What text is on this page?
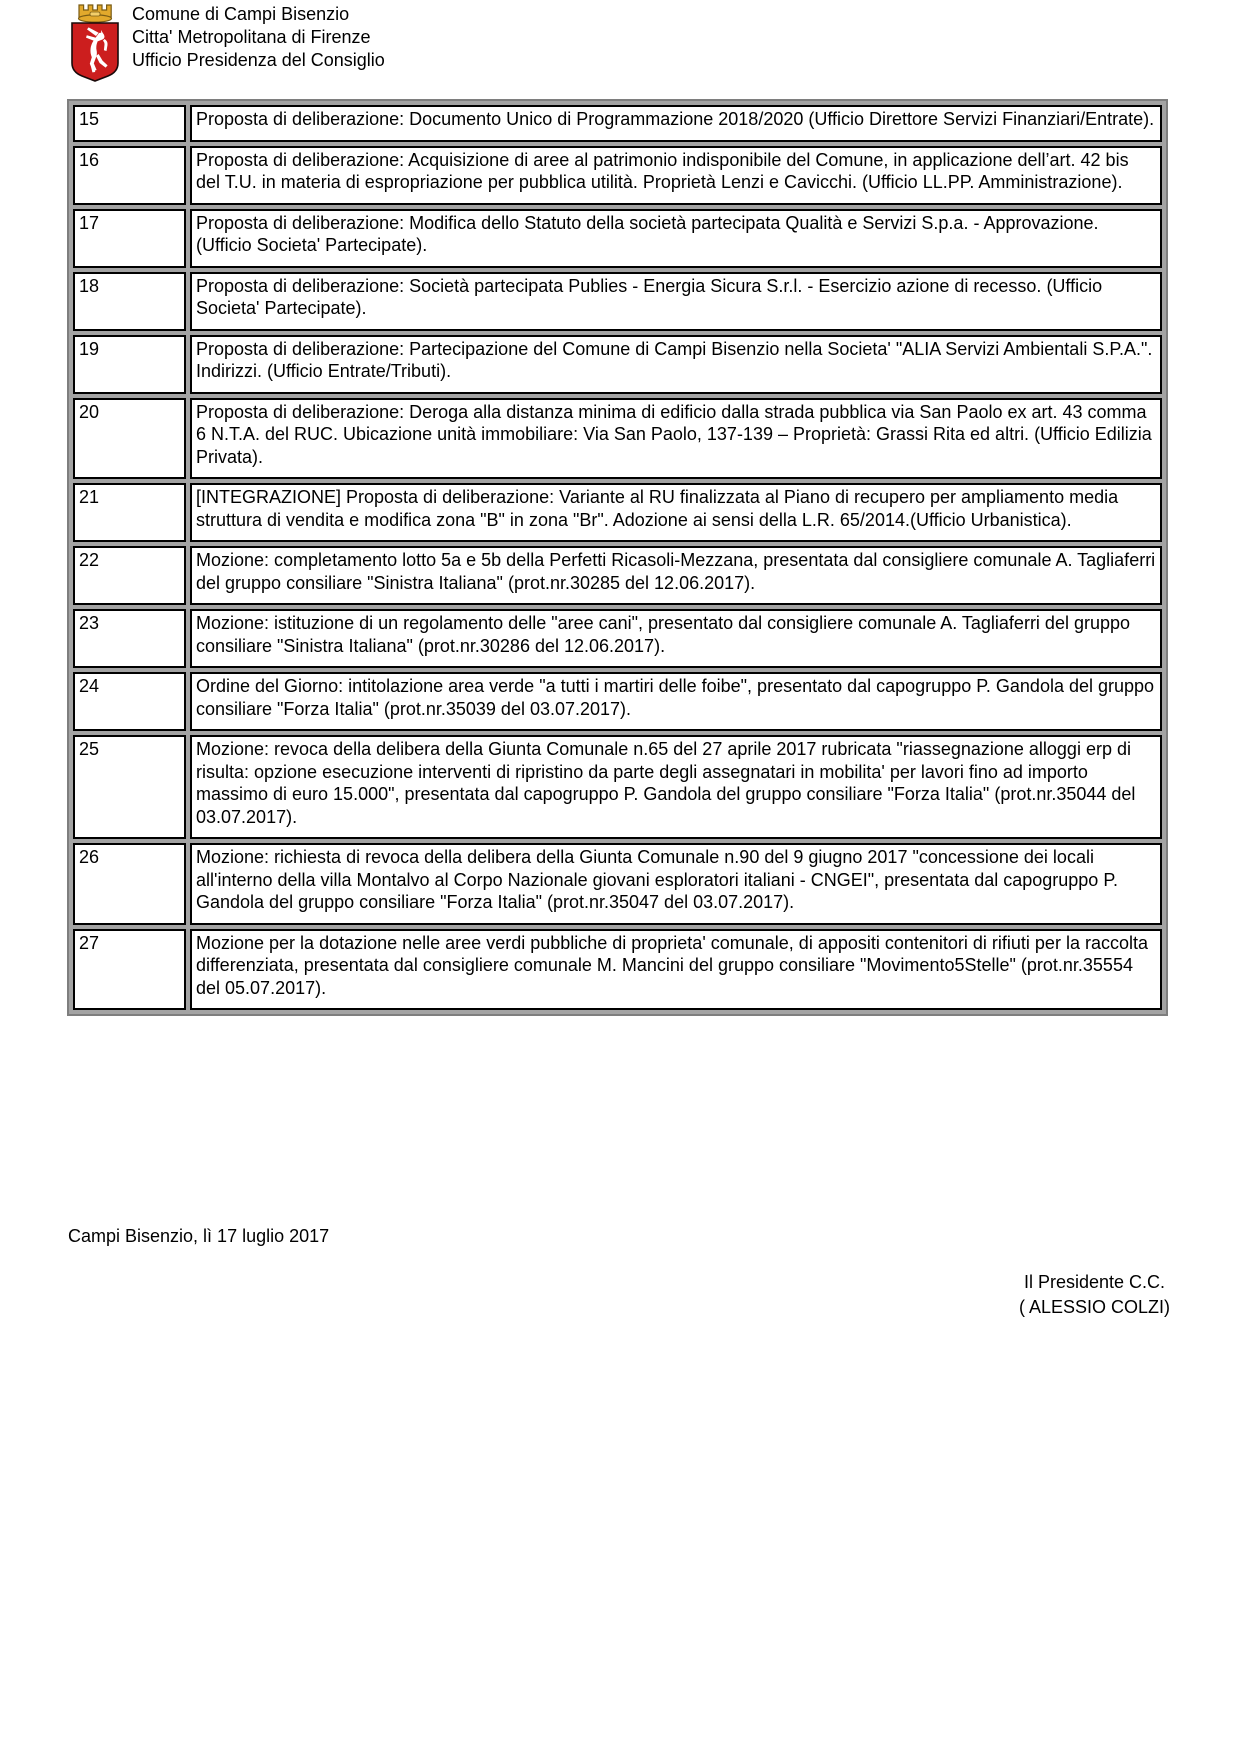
Comune di Campi Bisenzio
Citta' Metropolitana di Firenze
Ufficio Presidenza del Consiglio
15	Proposta di deliberazione: Documento Unico di Programmazione 2018/2020 (Ufficio Direttore Servizi Finanziari/Entrate).
16	Proposta di deliberazione: Acquisizione di aree al patrimonio indisponibile del Comune, in applicazione dell’art. 42 bis del T.U. in materia di espropriazione per pubblica utilità. Proprietà Lenzi e Cavicchi. (Ufficio LL.PP. Amministrazione).
17	Proposta di deliberazione: Modifica dello Statuto della società partecipata Qualità e Servizi S.p.a. - Approvazione. (Ufficio Societa' Partecipate).
18	Proposta di deliberazione: Società partecipata Publies - Energia Sicura S.r.l. - Esercizio azione di recesso. (Ufficio Societa' Partecipate).
19	Proposta di deliberazione: Partecipazione del Comune di Campi Bisenzio nella Societa' "ALIA Servizi Ambientali S.P.A.". Indirizzi. (Ufficio Entrate/Tributi).
20	Proposta di deliberazione: Deroga alla distanza minima di edificio dalla strada pubblica via San Paolo ex art. 43 comma 6 N.T.A. del RUC. Ubicazione unità immobiliare: Via San Paolo, 137-139 – Proprietà: Grassi Rita ed altri. (Ufficio Edilizia Privata).
21	[INTEGRAZIONE] Proposta di deliberazione: Variante al RU finalizzata al Piano di recupero per ampliamento media struttura di vendita e modifica zona "B" in zona "Br". Adozione ai sensi della L.R. 65/2014.(Ufficio Urbanistica).
22	Mozione: completamento lotto 5a e 5b della Perfetti Ricasoli-Mezzana, presentata dal consigliere comunale A. Tagliaferri del gruppo consiliare "Sinistra Italiana" (prot.nr.30285 del 12.06.2017).
23	Mozione: istituzione di un regolamento delle "aree cani", presentato dal consigliere comunale A. Tagliaferri del gruppo consiliare "Sinistra Italiana" (prot.nr.30286 del 12.06.2017).
24	Ordine del Giorno: intitolazione area verde "a tutti i martiri delle foibe", presentato dal capogruppo P. Gandola del gruppo consiliare "Forza Italia" (prot.nr.35039 del 03.07.2017).
25	Mozione: revoca della delibera della Giunta Comunale n.65 del 27 aprile 2017 rubricata "riassegnazione alloggi erp di risulta: opzione esecuzione interventi di ripristino da parte degli assegnatari in mobilita' per lavori fino ad importo massimo di euro 15.000", presentata dal capogruppo P. Gandola del gruppo consiliare "Forza Italia" (prot.nr.35044 del 03.07.2017).
26	Mozione: richiesta di revoca della delibera della Giunta Comunale n.90 del 9 giugno 2017 "concessione dei locali all'interno della villa Montalvo al Corpo Nazionale giovani esploratori italiani - CNGEI", presentata dal capogruppo P. Gandola del gruppo consiliare "Forza Italia" (prot.nr.35047 del 03.07.2017).
27	Mozione per la dotazione nelle aree verdi pubbliche di proprieta' comunale, di appositi contenitori di rifiuti per la raccolta differenziata, presentata dal consigliere comunale M. Mancini del gruppo consiliare "Movimento5Stelle" (prot.nr.35554 del 05.07.2017).
Campi Bisenzio, lì 17 luglio 2017
Il Presidente C.C.
( ALESSIO COLZI)
